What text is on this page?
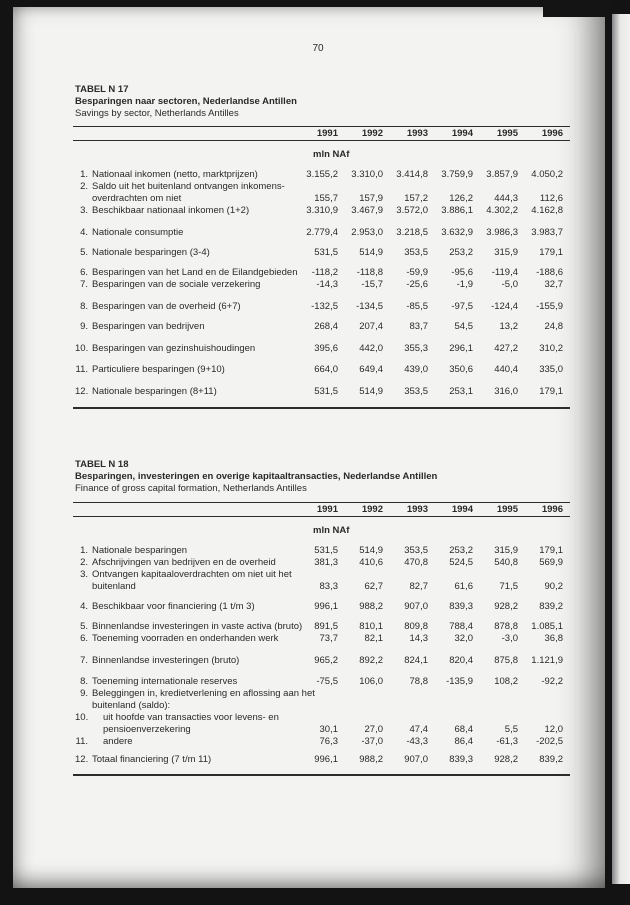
70
TABEL N 17
Besparingen naar sectoren, Nederlandse Antillen
Savings by sector, Netherlands Antilles
1991	1992	1993	1994	1995	1996
mln NAf
1. Nationaal inkomen (netto, marktprijzen)	3.155,2	3.310,0	3.414,8	3.759,9	3.857,9	4.050,2
2. Saldo uit het buitenland ontvangen inkomens-
overdrachten om niet	155,7	157,9	157,2	126,2	444,3	112,6
3. Beschikbaar nationaal inkomen (1+2)	3.310,9	3.467,9	3.572,0	3.886,1	4.302,2	4.162,8
4. Nationale consumptie	2.779,4	2.953,0	3.218,5	3.632,9	3.986,3	3.983,7
5. Nationale besparingen (3-4)	531,5	514,9	353,5	253,2	315,9	179,1
6. Besparingen van het Land en de Eilandgebieden	-118,2	-118,8	-59,9	-95,6	-119,4	-188,6
7. Besparingen van de sociale verzekering	-14,3	-15,7	-25,6	-1,9	-5,0	32,7
8. Besparingen van de overheid (6+7)	-132,5	-134,5	-85,5	-97,5	-124,4	-155,9
9. Besparingen van bedrijven	268,4	207,4	83,7	54,5	13,2	24,8
10. Besparingen van gezinshuishoudingen	395,6	442,0	355,3	296,1	427,2	310,2
11. Particuliere besparingen (9+10)	664,0	649,4	439,0	350,6	440,4	335,0
12. Nationale besparingen (8+11)	531,5	514,9	353,5	253,1	316,0	179,1
TABEL N 18
Besparingen, investeringen en overige kapitaaltransacties, Nederlandse Antillen
Finance of gross capital formation, Netherlands Antilles
1991	1992	1993	1994	1995	1996
mln NAf
1. Nationale besparingen	531,5	514,9	353,5	253,2	315,9	179,1
2. Afschrijvingen van bedrijven en de overheid	381,3	410,6	470,8	524,5	540,8	569,9
3. Ontvangen kapitaaloverdrachten om niet uit het
buitenland	83,3	62,7	82,7	61,6	71,5	90,2
4. Beschikbaar voor financiering (1 t/m 3)	996,1	988,2	907,0	839,3	928,2	839,2
5. Binnenlandse investeringen in vaste activa (bruto)	891,5	810,1	809,8	788,4	878,8	1.085,1
6. Toeneming voorraden en onderhanden werk	73,7	82,1	14,3	32,0	-3,0	36,8
7. Binnenlandse investeringen (bruto)	965,2	892,2	824,1	820,4	875,8	1.121,9
8. Toeneming internationale reserves	-75,5	106,0	78,8	-135,9	108,2	-92,2
9. Beleggingen in, kredietverlening en aflossing aan het
buitenland (saldo):
10. uit hoofde van transacties voor levens- en
pensioenverzekering	30,1	27,0	47,4	68,4	5,5	12,0
11. andere	76,3	-37,0	-43,3	86,4	-61,3	-202,5
12. Totaal financiering (7 t/m 11)	996,1	988,2	907,0	839,3	928,2	839,2
